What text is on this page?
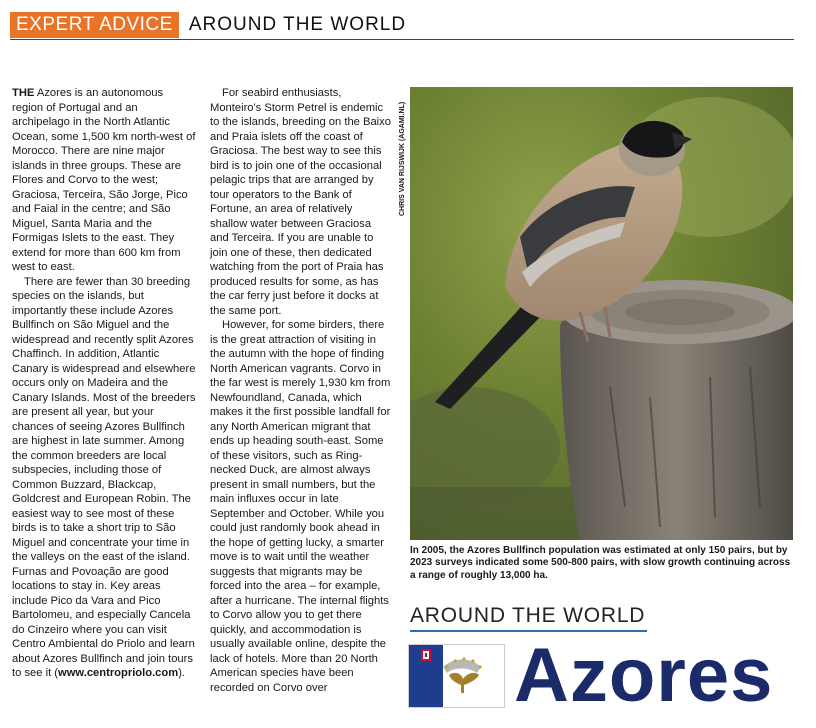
EXPERT ADVICE AROUND THE WORLD

THE Azores is an autonomous region of Portugal and an archipelago in the North Atlantic Ocean, some 1,500 km north-west of Morocco. There are nine major islands in three groups. These are Flores and Corvo to the west; Graciosa, Terceira, São Jorge, Pico and Faial in the centre; and São Miguel, Santa Maria and the Formigas Islets to the east. They extend for more than 600 km from west to east.

There are fewer than 30 breeding species on the islands, but importantly these include Azores Bullfinch on São Miguel and the widespread and recently split Azores Chaffinch. In addition, Atlantic Canary is widespread and elsewhere occurs only on Madeira and the Canary Islands. Most of the breeders are present all year, but your chances of seeing Azores Bullfinch are highest in late summer. Among the common breeders are local subspecies, including those of Common Buzzard, Blackcap, Goldcrest and European Robin. The easiest way to see most of these birds is to take a short trip to São Miguel and concentrate your time in the valleys on the east of the island. Furnas and Povoação are good locations to stay in. Key areas include Pico da Vara and Pico Bartolomeu, and especially Cancela do Cinzeiro where you can visit Centro Ambiental do Priolo and learn about Azores Bullfinch and join tours to see it (www.centropriolo.com).

For seabird enthusiasts, Monteiro's Storm Petrel is endemic to the islands, breeding on the Baixo and Praia islets off the coast of Graciosa. The best way to see this bird is to join one of the occasional pelagic trips that are arranged by tour operators to the Bank of Fortune, an area of relatively shallow water between Graciosa and Terceira. If you are unable to join one of these, then dedicated watching from the port of Praia has produced results for some, as has the car ferry just before it docks at the same port.

However, for some birders, there is the great attraction of visiting in the autumn with the hope of finding North American vagrants. Corvo in the far west is merely 1,930 km from Newfoundland, Canada, which makes it the first possible landfall for any North American migrant that ends up heading south-east. Some of these visitors, such as Ring-necked Duck, are almost always present in small numbers, but the main influxes occur in late September and October. While you could just randomly book ahead in the hope of getting lucky, a smarter move is to wait until the weather suggests that migrants may be forced into the area – for example, after a hurricane. The internal flights to Corvo allow you to get there quickly, and accommodation is usually available online, despite the lack of hotels. More than 20 North American species have been recorded on Corvo over

CHRIS VAN RIJSWIJK (AGAMI.NL)
In 2005, the Azores Bullfinch population was estimated at only 150 pairs, but by 2023 surveys indicated some 500-800 pairs, with slow growth continuing across a range of roughly 13,000 ha.
AROUND THE WORLD
Azores
